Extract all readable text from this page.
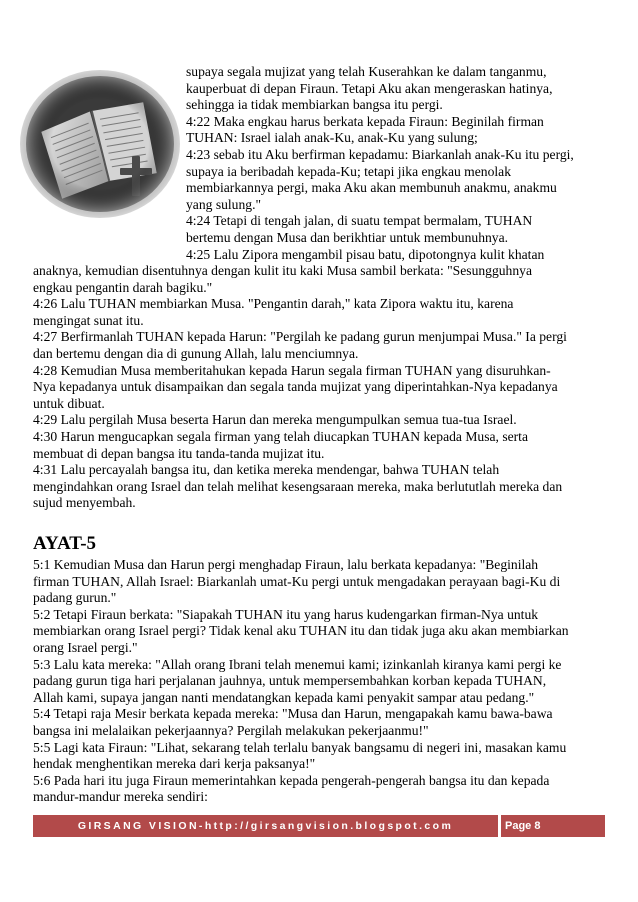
supaya segala mujizat yang telah Kuserahkan ke dalam tanganmu,
kauperbuat di depan Firaun. Tetapi Aku akan mengeraskan hatinya,
sehingga ia tidak membiarkan bangsa itu pergi.
4:22 Maka engkau harus berkata kepada Firaun: Beginilah firman
TUHAN: Israel ialah anak-Ku, anak-Ku yang sulung;
4:23 sebab itu Aku berfirman kepadamu: Biarkanlah anak-Ku itu pergi,
supaya ia beribadah kepada-Ku; tetapi jika engkau menolak
membiarkannya pergi, maka Aku akan membunuh anakmu, anakmu
yang sulung."
4:24 Tetapi di tengah jalan, di suatu tempat bermalam, TUHAN
bertemu dengan Musa dan berikhtiar untuk membunuhnya.
4:25 Lalu Zipora mengambil pisau batu, dipotongnya kulit khatan
anaknya, kemudian disentuhnya dengan kulit itu kaki Musa sambil berkata: "Sesungguhnya
engkau pengantin darah bagiku."
4:26 Lalu TUHAN membiarkan Musa. "Pengantin darah," kata Zipora waktu itu, karena
mengingat sunat itu.
4:27 Berfirmanlah TUHAN kepada Harun: "Pergilah ke padang gurun menjumpai Musa." Ia pergi
dan bertemu dengan dia di gunung Allah, lalu menciumnya.
4:28 Kemudian Musa memberitahukan kepada Harun segala firman TUHAN yang disuruhkan-
Nya kepadanya untuk disampaikan dan segala tanda mujizat yang diperintahkan-Nya kepadanya
untuk dibuat.
4:29 Lalu pergilah Musa beserta Harun dan mereka mengumpulkan semua tua-tua Israel.
4:30 Harun mengucapkan segala firman yang telah diucapkan TUHAN kepada Musa, serta
membuat di depan bangsa itu tanda-tanda mujizat itu.
4:31 Lalu percayalah bangsa itu, dan ketika mereka mendengar, bahwa TUHAN telah
mengindahkan orang Israel dan telah melihat kesengsaraan mereka, maka berlututlah mereka dan
sujud menyembah.
AYAT-5
5:1 Kemudian Musa dan Harun pergi menghadap Firaun, lalu berkata kepadanya: "Beginilah
firman TUHAN, Allah Israel: Biarkanlah umat-Ku pergi untuk mengadakan perayaan bagi-Ku di
padang gurun."
5:2 Tetapi Firaun berkata: "Siapakah TUHAN itu yang harus kudengarkan firman-Nya untuk
membiarkan orang Israel pergi? Tidak kenal aku TUHAN itu dan tidak juga aku akan membiarkan
orang Israel pergi."
5:3 Lalu kata mereka: "Allah orang Ibrani telah menemui kami; izinkanlah kiranya kami pergi ke
padang gurun tiga hari perjalanan jauhnya, untuk mempersembahkan korban kepada TUHAN,
Allah kami, supaya jangan nanti mendatangkan kepada kami penyakit sampar atau pedang."
5:4 Tetapi raja Mesir berkata kepada mereka: "Musa dan Harun, mengapakah kamu bawa-bawa
bangsa ini melalaikan pekerjaannya? Pergilah melakukan pekerjaanmu!"
5:5 Lagi kata Firaun: "Lihat, sekarang telah terlalu banyak bangsamu di negeri ini, masakan kamu
hendak menghentikan mereka dari kerja paksanya!"
5:6 Pada hari itu juga Firaun memerintahkan kepada pengerah-pengerah bangsa itu dan kepada
mandur-mandur mereka sendiri:
GIRSANG VISION-http://girsangvision.blogspot.com	Page 8
